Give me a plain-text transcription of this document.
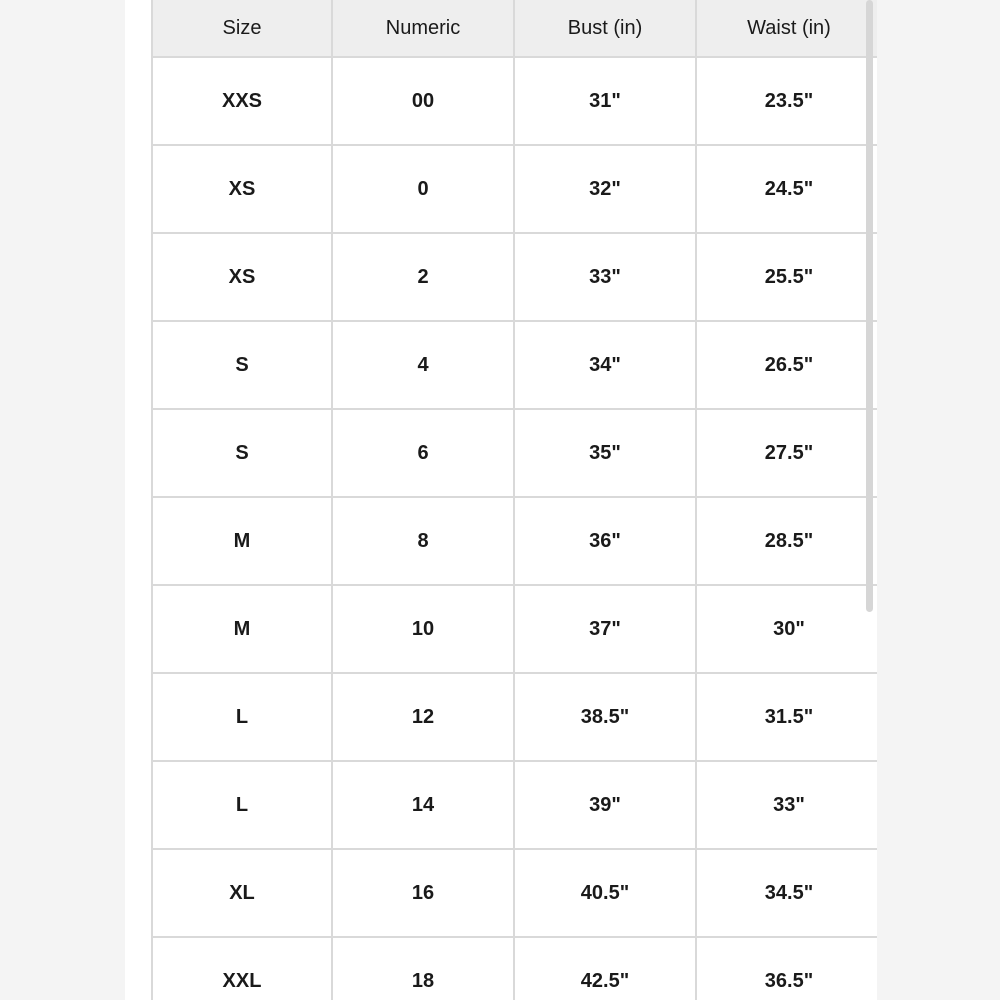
Size	Numeric	Bust (in)	Waist (in)
XXS	00	31"	23.5"
XS	0	32"	24.5"
XS	2	33"	25.5"
S	4	34"	26.5"
S	6	35"	27.5"
M	8	36"	28.5"
M	10	37"	30"
L	12	38.5"	31.5"
L	14	39"	33"
XL	16	40.5"	34.5"
XXL	18	42.5"	36.5"
